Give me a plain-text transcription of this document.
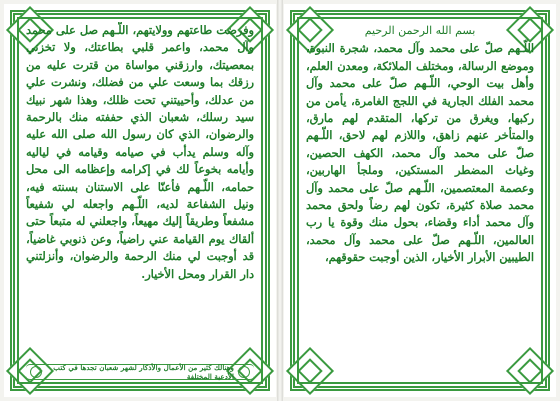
وفرضت طاعتهم وولايتهم، اللّـهم صل على محمد وآل محمد، واعمر قلبي بطاعتك، ولا تخزني بمعصيتك، وارزقني مواساة من قترت عليه من رزقك بما وسعت علي من فضلك، ونشرت علي من عدلك، وأحييتني تحت ظلك، وهذا شهر نبيك سيد رسلك، شعبان الذي حففته منك بالرحمة والرضوان، الذي كان رسول الله صلى الله عليه وآله وسلم يدأب في صيامه وقيامه في لياليه وأيامه بخوعاً لك في إكرامه وإعظامه الى محل حمامه، اللّـهم فأعنّا على الاستنان بسنته فيه، ونيل الشفاعة لديه، اللّـهم واجعله لي شفيعاً مشفعاً وطريقاً إليك مهيعاً، واجعلني له متبعاً حتى ألقاك يوم القيامة عني راضياً، وعن ذنوبي غاضياً، قد أوجبت لي منك الرحمة والرضوان، وأنزلتني دار القرار ومحل الأخيار.
وهنالك كثير من الأعمال والأذكار لشهر شعبان تجدها في كتب الأدعية المختلفة
بسم الله الرحمن الرحيم
اللّـهم صلّ على محمد وآل محمد، شجرة النبوة، وموضع الرسالة، ومختلف الملائكة، ومعدن العلم، وأهل بيت الوحي، اللّـهم صلّ على محمد وآل محمد الفلك الجارية في اللجج الغامرة، يأمن من ركبها، ويغرق من تركها، المتقدم لهم مارق، والمتأخر عنهم زاهق، واللازم لهم لاحق، اللّـهم صلّ على محمد وآل محمد، الكهف الحصين، وغياث المضطر المستكين، وملجأ الهاربين، وعصمة المعتصمين، اللّـهم صلّ على محمد وآل محمد صلاة كثيرة، تكون لهم رضاً ولحق محمد وآل محمد أداء وقضاء، بحول منك وقوة يا رب العالمين، اللّـهم صلّ على محمد وآل محمد، الطيبين الأبرار الأخيار، الذين أوجبت حقوقهم،
